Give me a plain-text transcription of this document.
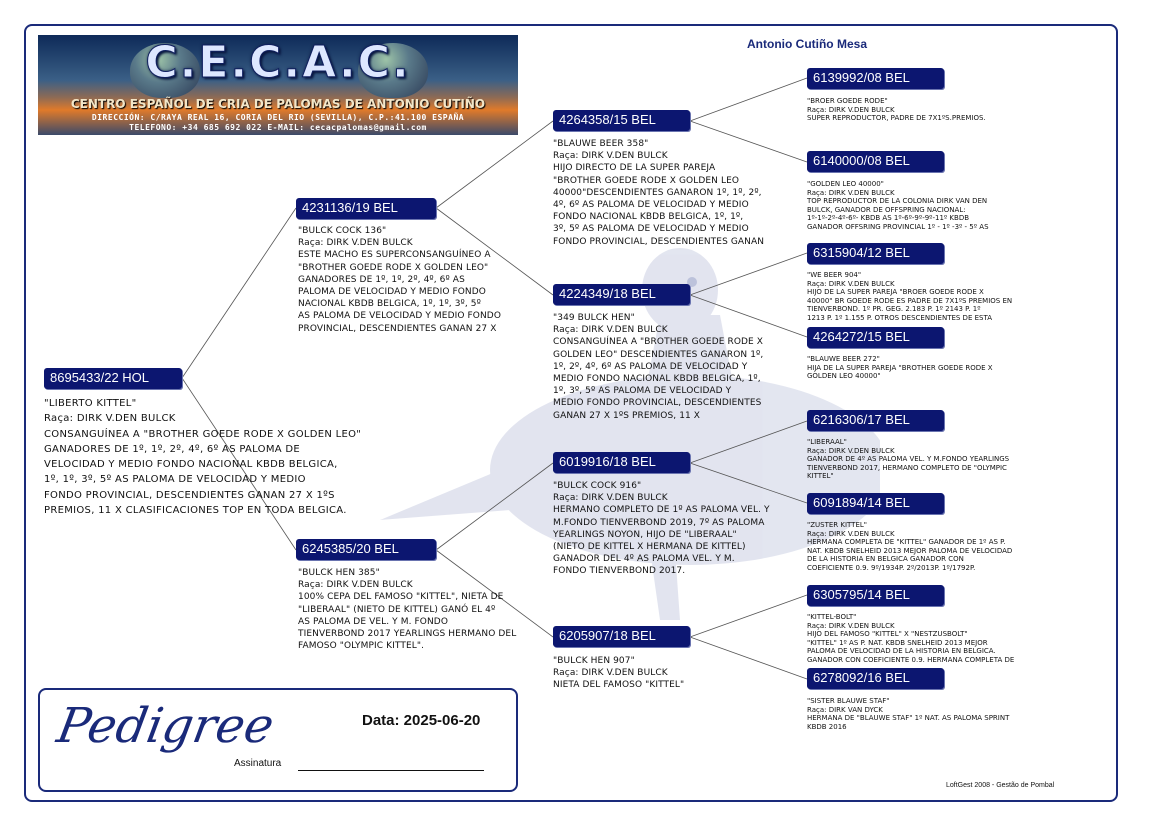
C.E.C.A.C.
CENTRO ESPAÑOL DE CRIA DE PALOMAS DE ANTONIO CUTIÑO
DIRECCIÓN: C/RAYA REAL 16, CORIA DEL RIO (SEVILLA), C.P.:41.100 ESPAÑA
TELEFONO: +34 685 692 022 E-MAIL: cecacpalomas@gmail.com
Antonio Cutiño Mesa
8695433/22 HOL
"LIBERTO KITTEL"
Raça: DIRK V.DEN BULCK
CONSANGUÍNEA A "BROTHER GOEDE RODE X GOLDEN LEO"
GANADORES DE 1º, 1º, 2º, 4º, 6º AS PALOMA DE
VELOCIDAD Y MEDIO FONDO NACIONAL KBDB BELGICA,
1º, 1º, 3º, 5º AS PALOMA DE VELOCIDAD Y MEDIO
FONDO PROVINCIAL, DESCENDIENTES GANAN 27 X 1ºS
PREMIOS, 11 X CLASIFICACIONES TOP EN TODA BELGICA.
4231136/19 BEL
"BULCK COCK 136"
Raça: DIRK V.DEN BULCK
ESTE MACHO ES SUPERCONSANGUÍNEO A
"BROTHER GOEDE RODE X GOLDEN LEO"
GANADORES DE 1º, 1º, 2º, 4º, 6º AS
PALOMA DE VELOCIDAD Y MEDIO FONDO
NACIONAL KBDB BELGICA, 1º, 1º, 3º, 5º
AS PALOMA DE VELOCIDAD Y MEDIO FONDO
PROVINCIAL, DESCENDIENTES GANAN 27 X
6245385/20 BEL
"BULCK HEN 385"
Raça: DIRK V.DEN BULCK
100% CEPA DEL FAMOSO "KITTEL", NIETA DE
"LIBERAAL" (NIETO DE KITTEL) GANÓ EL 4º
AS PALOMA DE VEL. Y M. FONDO
TIENVERBOND 2017 YEARLINGS HERMANO DEL
FAMOSO "OLYMPIC KITTEL".
4264358/15 BEL
"BLAUWE BEER 358"
Raça: DIRK V.DEN BULCK
HIJO DIRECTO DE LA SUPER PAREJA
"BROTHER GOEDE RODE X GOLDEN LEO
40000"DESCENDIENTES GANARON 1º, 1º, 2º,
4º, 6º AS PALOMA DE VELOCIDAD Y MEDIO
FONDO NACIONAL KBDB BELGICA, 1º, 1º,
3º, 5º AS PALOMA DE VELOCIDAD Y MEDIO
FONDO PROVINCIAL, DESCENDIENTES GANAN
4224349/18 BEL
"349 BULCK HEN"
Raça: DIRK V.DEN BULCK
CONSANGUÍNEA A "BROTHER GOEDE RODE X
GOLDEN LEO" DESCENDIENTES GANARON 1º,
1º, 2º, 4º, 6º AS PALOMA DE VELOCIDAD Y
MEDIO FONDO NACIONAL KBDB BELGICA, 1º,
1º, 3º, 5º AS PALOMA DE VELOCIDAD Y
MEDIO FONDO PROVINCIAL, DESCENDIENTES
GANAN 27 X 1ºS PREMIOS, 11 X
6019916/18 BEL
"BULCK COCK 916"
Raça: DIRK V.DEN BULCK
HERMANO COMPLETO DE 1º AS PALOMA VEL. Y
M.FONDO TIENVERBOND 2019, 7º AS PALOMA
YEARLINGS NOYON, HIJO DE "LIBERAAL"
(NIETO DE KITTEL X HERMANA DE KITTEL)
GANADOR DEL 4º AS PALOMA VEL. Y M.
FONDO TIENVERBOND 2017.
6205907/18 BEL
"BULCK HEN 907"
Raça: DIRK V.DEN BULCK
NIETA DEL FAMOSO "KITTEL"
6139992/08 BEL
"BROER GOEDE RODE"
Raça: DIRK V.DEN BULCK
SUPER REPRODUCTOR, PADRE DE 7X1ºS.PREMIOS.
6140000/08 BEL
"GOLDEN LEO 40000"
Raça: DIRK V.DEN BULCK
TOP REPRODUCTOR DE LA COLONIA DIRK VAN DEN
BULCK, GANADOR DE OFFSPRING NACIONAL:
1º-1º-2º-4º-6º- KBDB AS 1º-6º-9º-9º-11º KBDB
GANADOR OFFSRING PROVINCIAL 1º - 1º -3º - 5º AS
6315904/12 BEL
"WE BEER 904"
Raça: DIRK V.DEN BULCK
HIJO DE LA SUPER PAREJA "BROER GOEDE RODE X
40000" BR GOEDE RODE ES PADRE DE 7X1ºS PREMIOS EN
TIENVERBOND. 1º PR. GEG. 2.183 P. 1º 2143 P. 1º
1213 P. 1º 1.155 P. OTROS DESCENDIENTES DE ESTA
4264272/15 BEL
"BLAUWE BEER 272"
HIJA DE LA SUPER PAREJA "BROTHER GOEDE RODE X
GOLDEN LEO 40000"
6216306/17 BEL
"LIBERAAL"
Raça: DIRK V.DEN BULCK
GANADOR DE 4º AS PALOMA VEL. Y M.FONDO YEARLINGS
TIENVERBOND 2017, HERMANO COMPLETO DE "OLYMPIC
KITTEL"
6091894/14 BEL
"ZUSTER KITTEL"
Raça: DIRK V.DEN BULCK
HERMANA COMPLETA DE "KITTEL" GANADOR DE 1º AS P.
NAT. KBDB SNELHEID 2013 MEJOR PALOMA DE VELOCIDAD
DE LA HISTORIA EN BELGICA GANADOR CON
COEFICIENTE 0.9. 9º/1934P. 2º/2013P. 1º/1792P.
6305795/14 BEL
"KITTEL-BOLT"
Raça: DIRK V.DEN BULCK
HIJO DEL FAMOSO "KITTEL" X "NESTZUSBOLT"
"KITTEL" 1º AS P. NAT. KBDB SNELHEID 2013 MEJOR
PALOMA DE VELOCIDAD DE LA HISTORIA EN BELGICA.
GANADOR CON COEFICIENTE 0.9. HERMANA COMPLETA DE
6278092/16 BEL
"SISTER BLAUWE STAF"
Raça: DIRK VAN DYCK
HERMANA DE "BLAUWE STAF" 1º NAT. AS PALOMA SPRINT
KBDB 2016
Pedigree	Data: 2025-06-20
Assinatura
LoftGest 2008 - Gestão de Pombal
